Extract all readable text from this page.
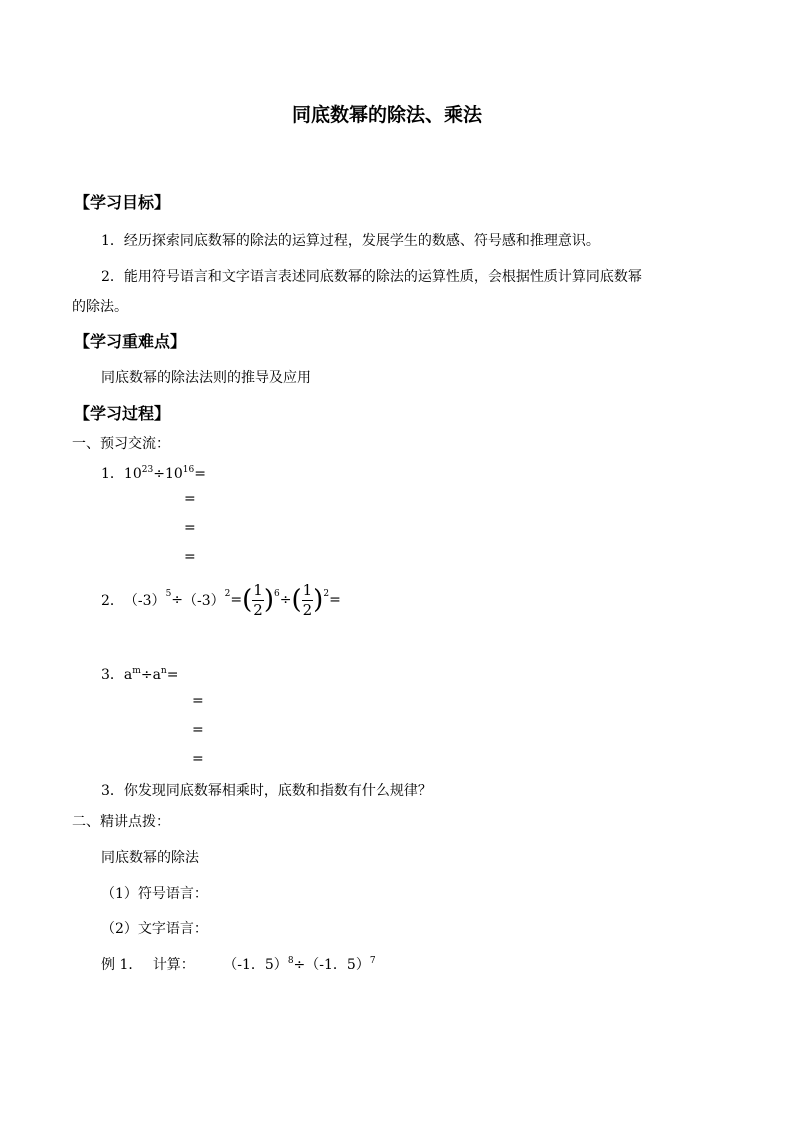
同底数幂的除法、乘法
【学习目标】
1．经历探索同底数幂的除法的运算过程，发展学生的数感、符号感和推理意识。
2．能用符号语言和文字语言表述同底数幂的除法的运算性质，会根据性质计算同底数幂
的除法。
【学习重难点】
同底数幂的除法法则的推导及应用
【学习过程】
一、预习交流：
1．$10^{23}\div 10^{16}=$
=
=
=
2． （-3） 5 ÷ （-3） 2 = ( $\frac{1}{2}$ ) 6 ÷ ( $\frac{1}{2}$ ) 2 =
3．$a^m\div a^n=$
=
=
=
3．你发现同底数幂相乘时，底数和指数有什么规律？
二、精讲点拨：
同底数幂的除法
（1）符号语言：
（2）文字语言：
例 1． 计算： （-1．5）$^8$÷（-1．5）$^7$
